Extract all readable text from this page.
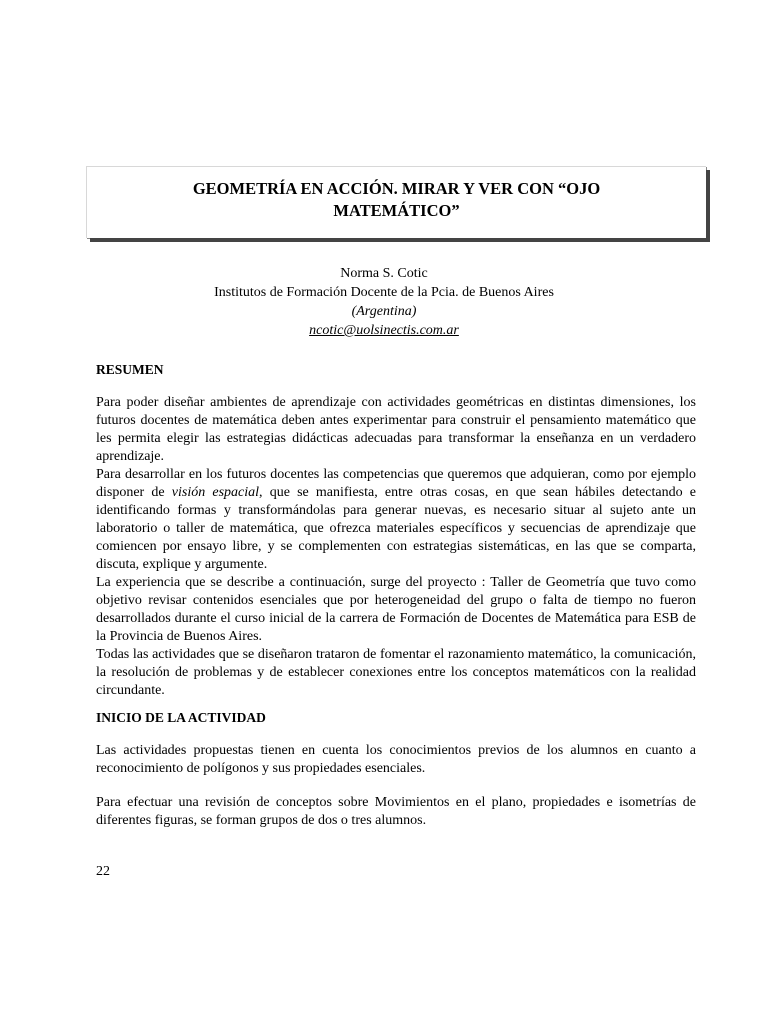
GEOMETRÍA EN ACCIÓN. MIRAR Y VER CON “OJO
MATEMÁTICO”
Norma S. Cotic
Institutos de Formación Docente de la Pcia. de Buenos Aires
(Argentina)
ncotic@uolsinectis.com.ar
RESUMEN

Para poder diseñar ambientes de aprendizaje con actividades geométricas en distintas dimensiones, los futuros docentes de matemática deben antes experimentar para construir el pensamiento matemático que les permita elegir las estrategias didácticas adecuadas para transformar la enseñanza en un verdadero aprendizaje.

Para desarrollar en los futuros docentes las competencias que queremos que adquieran, como por ejemplo disponer de visión espacial, que se manifiesta, entre otras cosas, en que sean hábiles detectando e identificando formas y transformándolas para generar nuevas, es necesario situar al sujeto ante un laboratorio o taller de matemática, que ofrezca materiales específicos y secuencias de aprendizaje que comiencen por ensayo libre, y se complementen con estrategias sistemáticas, en las que se comparta, discuta, explique y argumente.

La experiencia que se describe a continuación, surge del proyecto : Taller de Geometría que tuvo como objetivo revisar contenidos esenciales que por heterogeneidad del grupo o falta de tiempo no fueron desarrollados durante el curso inicial de la carrera de Formación de Docentes de Matemática para ESB de la Provincia de Buenos Aires.

Todas las actividades que se diseñaron trataron de fomentar el razonamiento matemático, la comunicación, la resolución de problemas y de establecer conexiones entre los conceptos matemáticos con la realidad circundante.

INICIO DE LA ACTIVIDAD
Las actividades propuestas tienen en cuenta los conocimientos previos de los alumnos en cuanto a reconocimiento de polígonos y sus propiedades esenciales.
Para efectuar una revisión de conceptos sobre Movimientos en el plano, propiedades e isometrías de diferentes figuras, se forman grupos de dos o tres alumnos.
22
